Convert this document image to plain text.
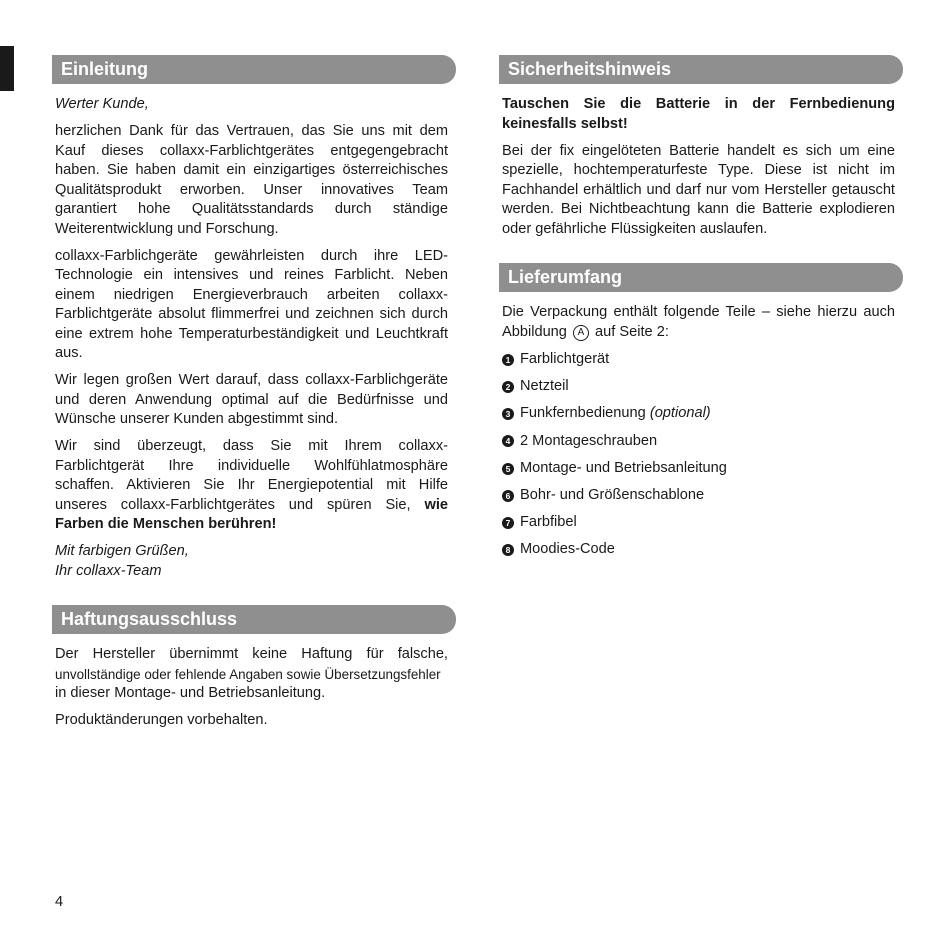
Einleitung

Werter Kunde,

herzlichen Dank für das Vertrauen, das Sie uns mit dem Kauf dieses collaxx-Farblichtgerätes entgegengebracht haben. Sie haben damit ein einzigartiges österreichisches Qualitätsprodukt erworben. Unser innovatives Team garantiert hohe Qualitätsstandards durch ständige Weiterentwicklung und Forschung.

collaxx-Farblichgeräte gewährleisten durch ihre LED-Technologie ein intensives und reines Farblicht. Neben einem niedrigen Energieverbrauch arbeiten collaxx-Farblichtgeräte absolut flimmerfrei und zeichnen sich durch eine extrem hohe Temperaturbeständigkeit und Leuchtkraft aus.

Wir legen großen Wert darauf, dass collaxx-Farblichgeräte und deren Anwendung optimal auf die Bedürfnisse und Wünsche unserer Kunden abgestimmt sind.

Wir sind überzeugt, dass Sie mit Ihrem collaxx-Farblichtgerät Ihre individuelle Wohlfühlatmosphäre schaffen. Aktivieren Sie Ihr Energiepotential mit Hilfe unseres collaxx-Farblichtgerätes und spüren Sie, wie Farben die Menschen berühren!

Mit farbigen Grüßen,
Ihr collaxx-Team

Haftungsausschluss

Der Hersteller übernimmt keine Haftung für falsche,
unvollständige oder fehlende Angaben sowie Übersetzungsfehler
in dieser Montage- und Betriebsanleitung.

Produktänderungen vorbehalten.

Sicherheitshinweis

Tauschen Sie die Batterie in der Fernbedienung keinesfalls selbst!

Bei der fix eingelöteten Batterie handelt es sich um eine spezielle, hochtemperaturfeste Type. Diese ist nicht im Fachhandel erhältlich und darf nur vom Hersteller getauscht werden. Bei Nichtbeachtung kann die Batterie explodieren oder gefährliche Flüssigkeiten auslaufen.

Lieferumfang

Die Verpackung enthält folgende Teile – siehe hierzu auch Abbildung A auf Seite 2:

1 Farblichtgerät
2 Netzteil
3 Funkfernbedienung (optional)
4 2 Montageschrauben
5 Montage- und Betriebsanleitung
6 Bohr- und Größenschablone
7 Farbfibel
8 Moodies-Code
4
